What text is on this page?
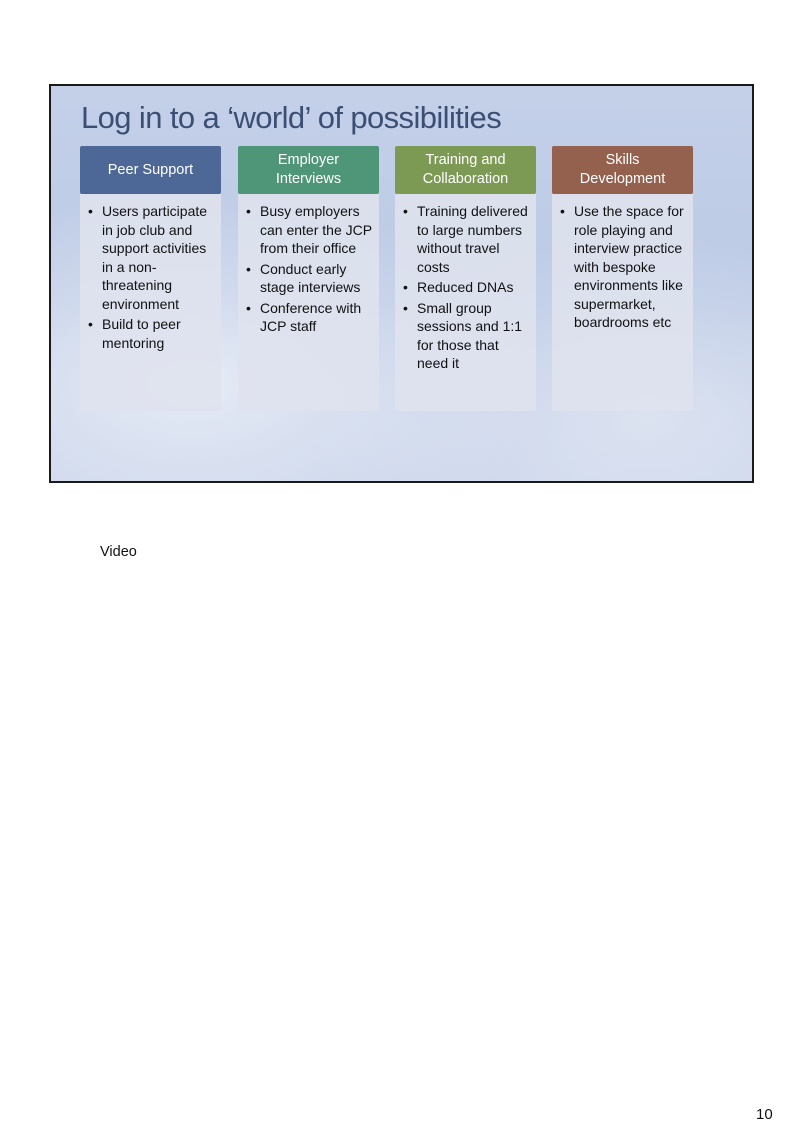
Log in to a ‘world’ of possibilities
Peer Support
• Users participate in job club and support activities in a non-threatening environment
• Build to peer mentoring
Employer
Interviews
• Busy employers can enter the JCP from their office
• Conduct early stage interviews
• Conference with JCP staff
Training and
Collaboration
• Training delivered to large numbers without travel costs
• Reduced DNAs
• Small group sessions and 1:1 for those that need it
Skills
Development
• Use the space for role playing and interview practice with bespoke environments like supermarket, boardrooms etc
Video
10
